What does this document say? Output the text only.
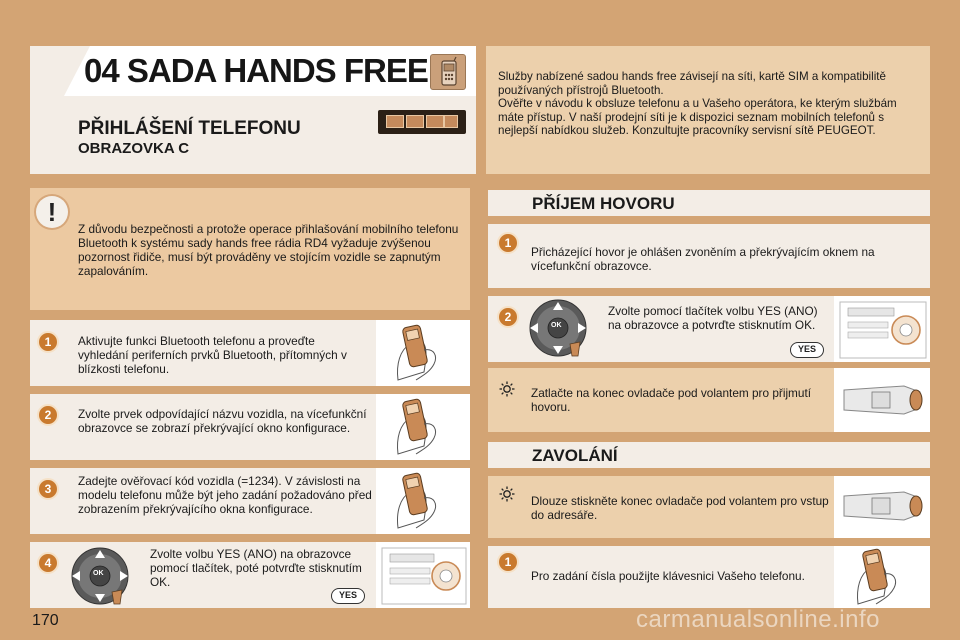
04 SADA HANDS FREE
PŘIHLÁŠENÍ TELEFONU
OBRAZOVKA C

Služby nabízené sadou hands free závisejí na síti, kartě SIM a kompatibilitě používaných přístrojů Bluetooth.

Ověřte v návodu k obsluze telefonu a u Vašeho operátora, ke kterým službám máte přístup. V naší prodejní síti je k dispozici seznam mobilních telefonů s nejlepší nabídkou služeb. Konzultujte pracovníky servisní sítě PEUGEOT.

!
Z důvodu bezpečnosti a protože operace přihlašování mobilního telefonu Bluetooth k systému sady hands free rádia RD4 vyžaduje zvýšenou pozornost řidiče, musí být prováděny ve stojícím vozidle se zapnutým zapalováním.
1	Aktivujte funkci Bluetooth telefonu a proveďte vyhledání periferních prvků Bluetooth, přítomných v blízkosti telefonu.
2	Zvolte prvek odpovídající názvu vozidla, na vícefunkční obrazovce se zobrazí překrývající okno konfigurace.
3
Zadejte ověřovací kód vozidla (=1234). V závislosti na modelu telefonu může být jeho zadání požadováno před zobrazením překrývajícího okna konfigurace.
4
OK
Zvolte volbu YES (ANO) na obrazovce pomocí tlačítek, poté potvrďte stisknutím OK.
YES
PŘÍJEM HOVORU
1
Přicházející hovor je ohlášen zvoněním a překrývajícím oknem na vícefunkční obrazovce.
2
OK
Zvolte pomocí tlačítek volbu YES (ANO) na obrazovce a potvrďte stisknutím OK.
YES
Zatlačte na konec ovladače pod volantem pro přijmutí hovoru.
ZAVOLÁNÍ
Dlouze stiskněte konec ovladače pod volantem pro vstup do adresáře.
1
Pro zadání čísla použijte klávesnici Vašeho telefonu.
170	carmanualsonline.info
